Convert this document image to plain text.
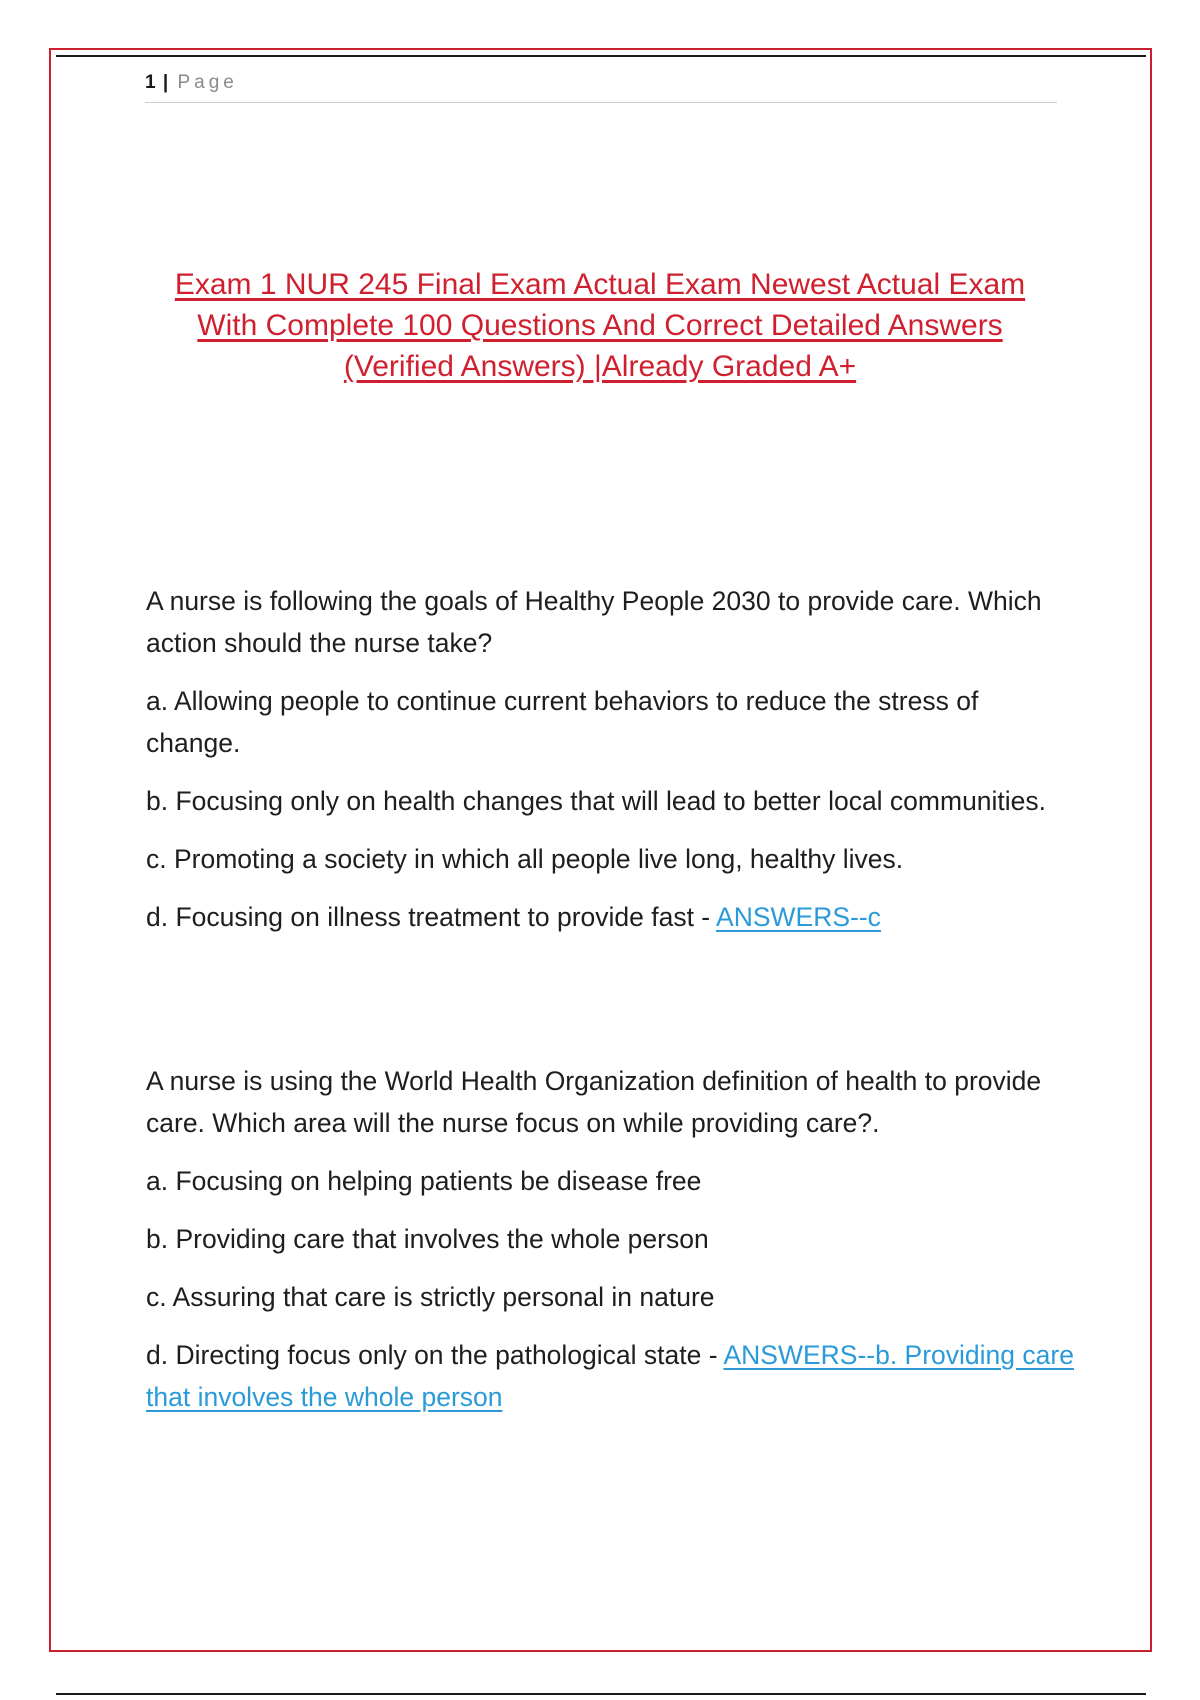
1 | Page
Exam 1 NUR 245 Final Exam Actual Exam Newest Actual Exam
With Complete 100 Questions And Correct Detailed Answers
(Verified Answers) |Already Graded A+

A nurse is following the goals of Healthy People 2030 to provide care. Which action should the nurse take?

a. Allowing people to continue current behaviors to reduce the stress of change.

b. Focusing only on health changes that will lead to better local communities.

c. Promoting a society in which all people live long, healthy lives.

d. Focusing on illness treatment to provide fast - ANSWERS--c

A nurse is using the World Health Organization definition of health to provide care. Which area will the nurse focus on while providing care?.

a. Focusing on helping patients be disease free

b. Providing care that involves the whole person

c. Assuring that care is strictly personal in nature

d. Directing focus only on the pathological state - ANSWERS--b. Providing care that involves the whole person
